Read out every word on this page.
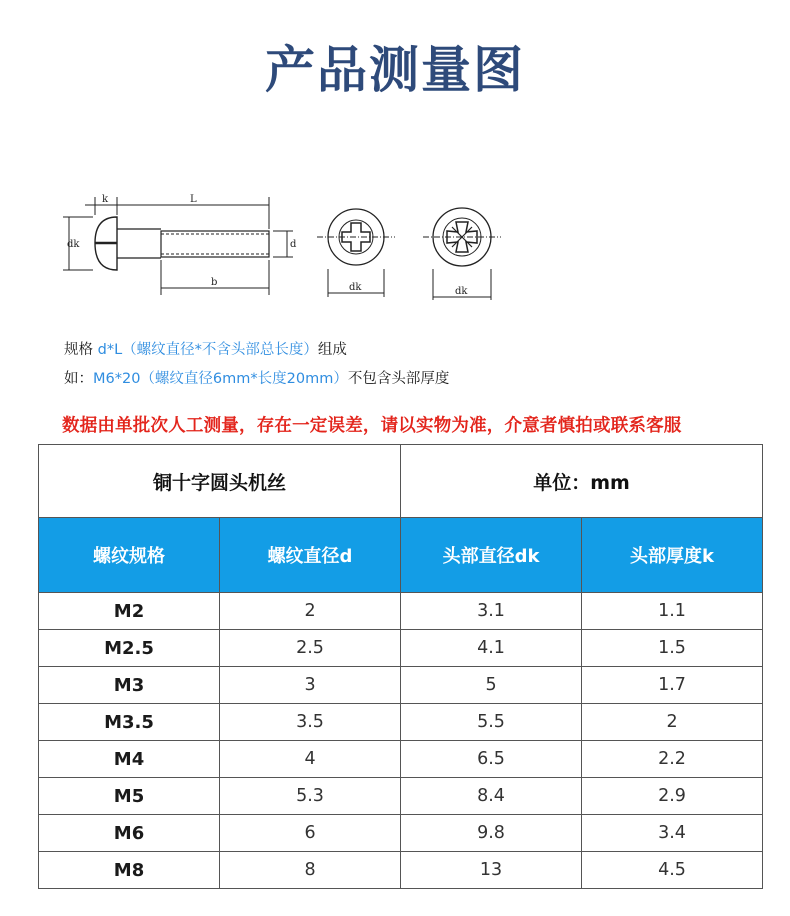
产品测量图
k	L
dk	d
b	dk	dk
规格 d*L（螺纹直径*不含头部总长度）组成
如：M6*20（螺纹直径6mm*长度20mm）不包含头部厚度
数据由单批次人工测量，存在一定误差，请以实物为准，介意者慎拍或联系客服
铜十字圆头机丝		单位：mm	
螺纹规格	螺纹直径d	头部直径dk	头部厚度k
M2	2	3.1	1.1
M2.5	2.5	4.1	1.5
M3	3	5	1.7
M3.5	3.5	5.5	2
M4	4	6.5	2.2
M5	5.3	8.4	2.9
M6	6	9.8	3.4
M8	8	13	4.5
